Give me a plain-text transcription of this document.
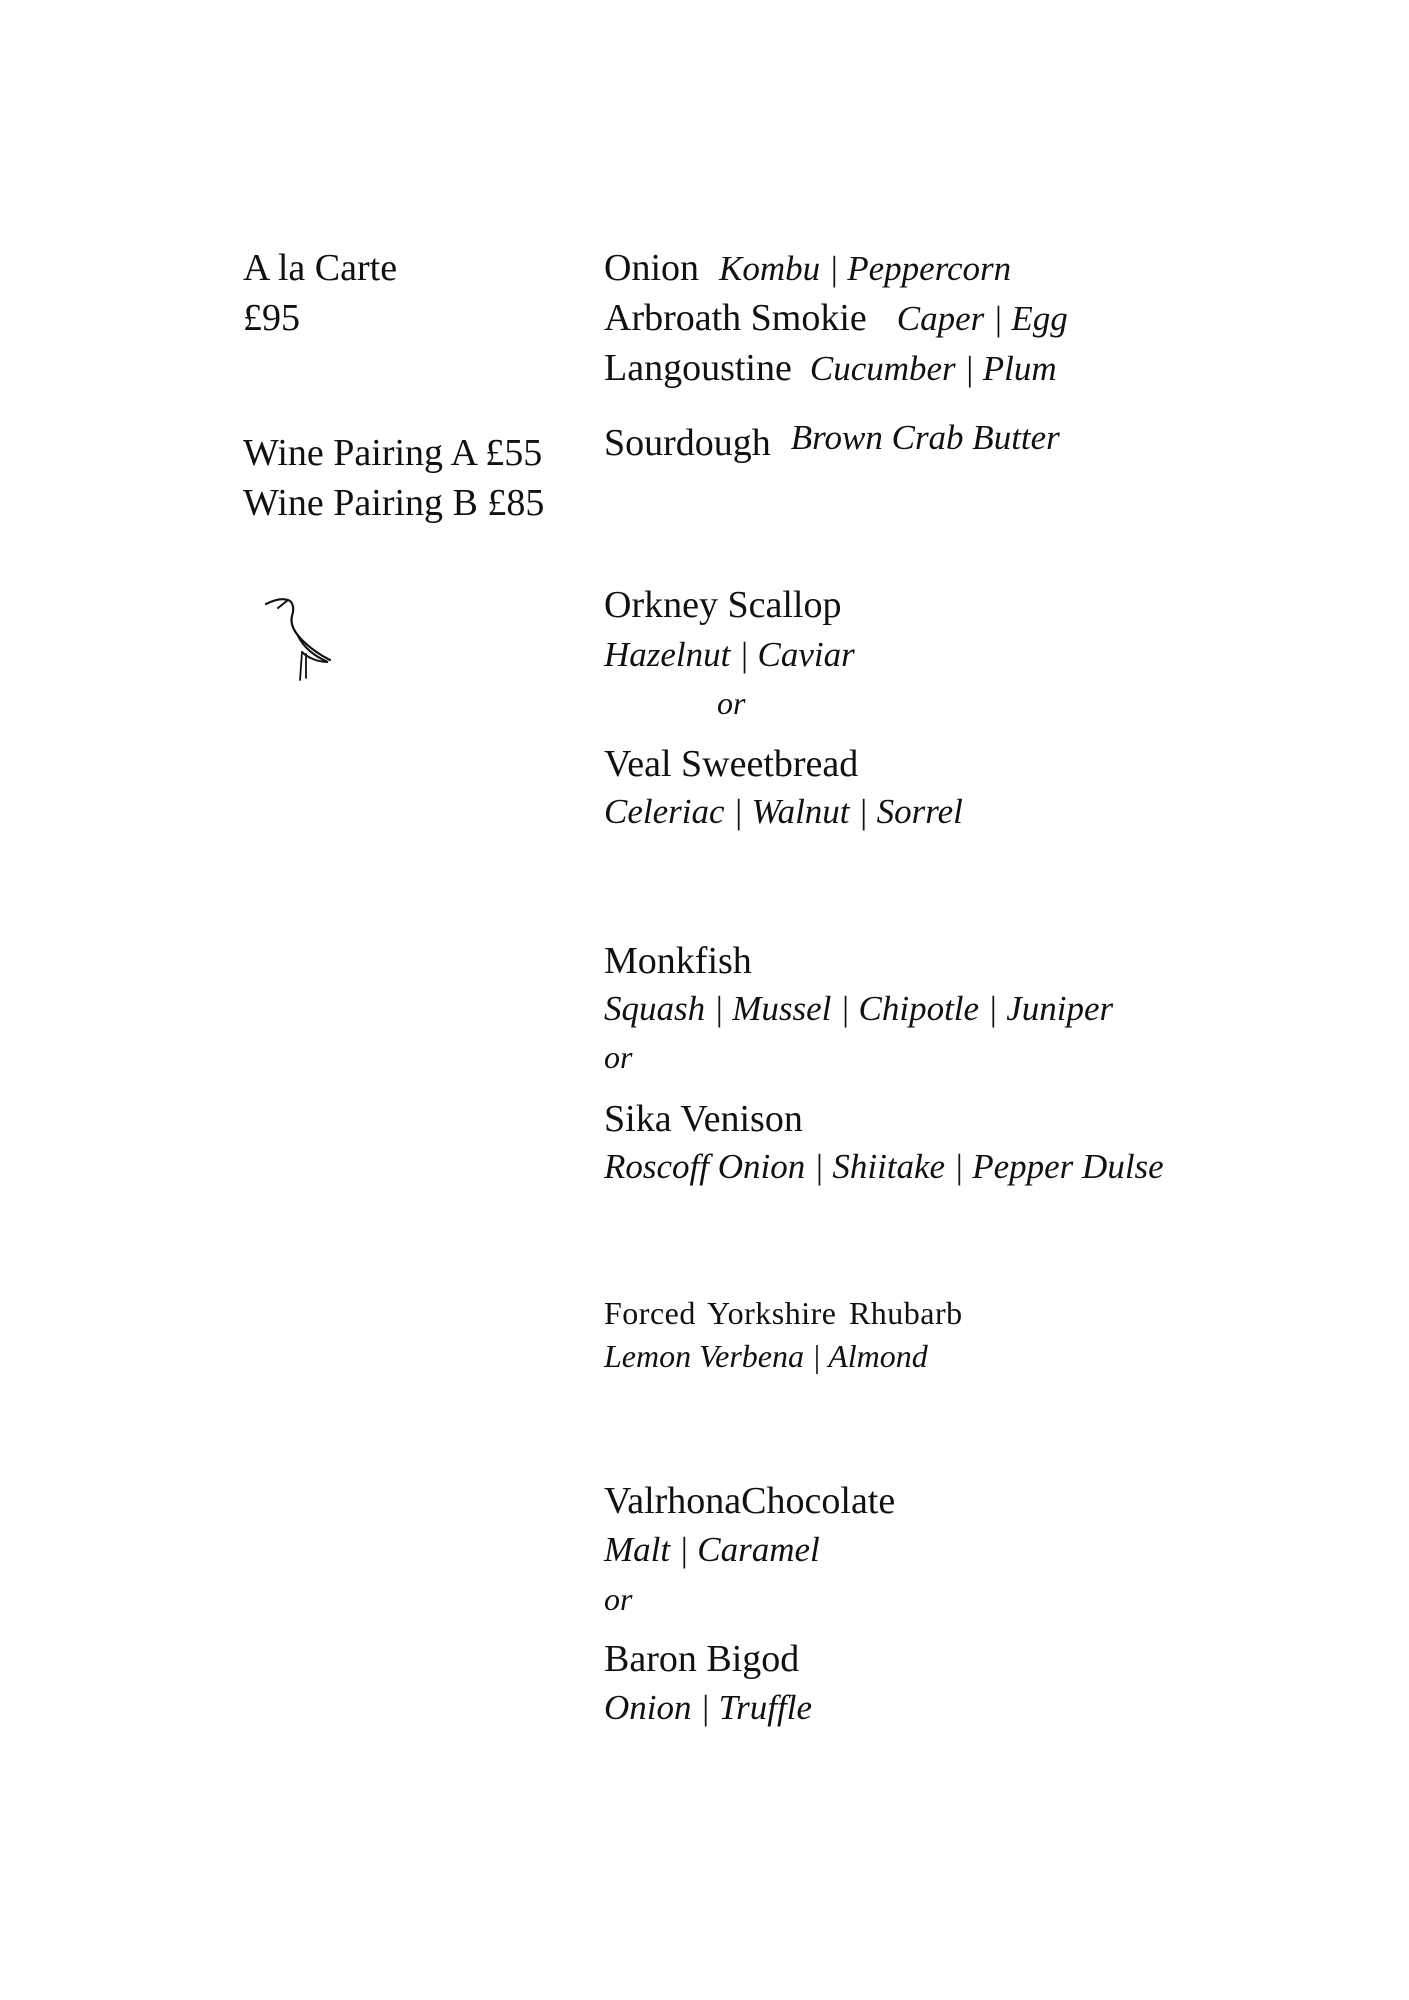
A la Carte
£95
Wine Pairing A £55
Wine Pairing B £85
Onion Kombu | Peppercorn
Arbroath Smokie Caper | Egg
Langoustine Cucumber | Plum
Sourdough Brown Crab Butter
Orkney Scallop
Hazelnut | Caviar
or
Veal Sweetbread
Celeriac | Walnut | Sorrel
Monkfish
Squash | Mussel | Chipotle | Juniper
or
Sika Venison
Roscoff Onion | Shiitake | Pepper Dulse
Forced Yorkshire Rhubarb
Lemon Verbena | Almond
ValrhonaChocolate
Malt | Caramel
or
Baron Bigod
Onion | Truffle
